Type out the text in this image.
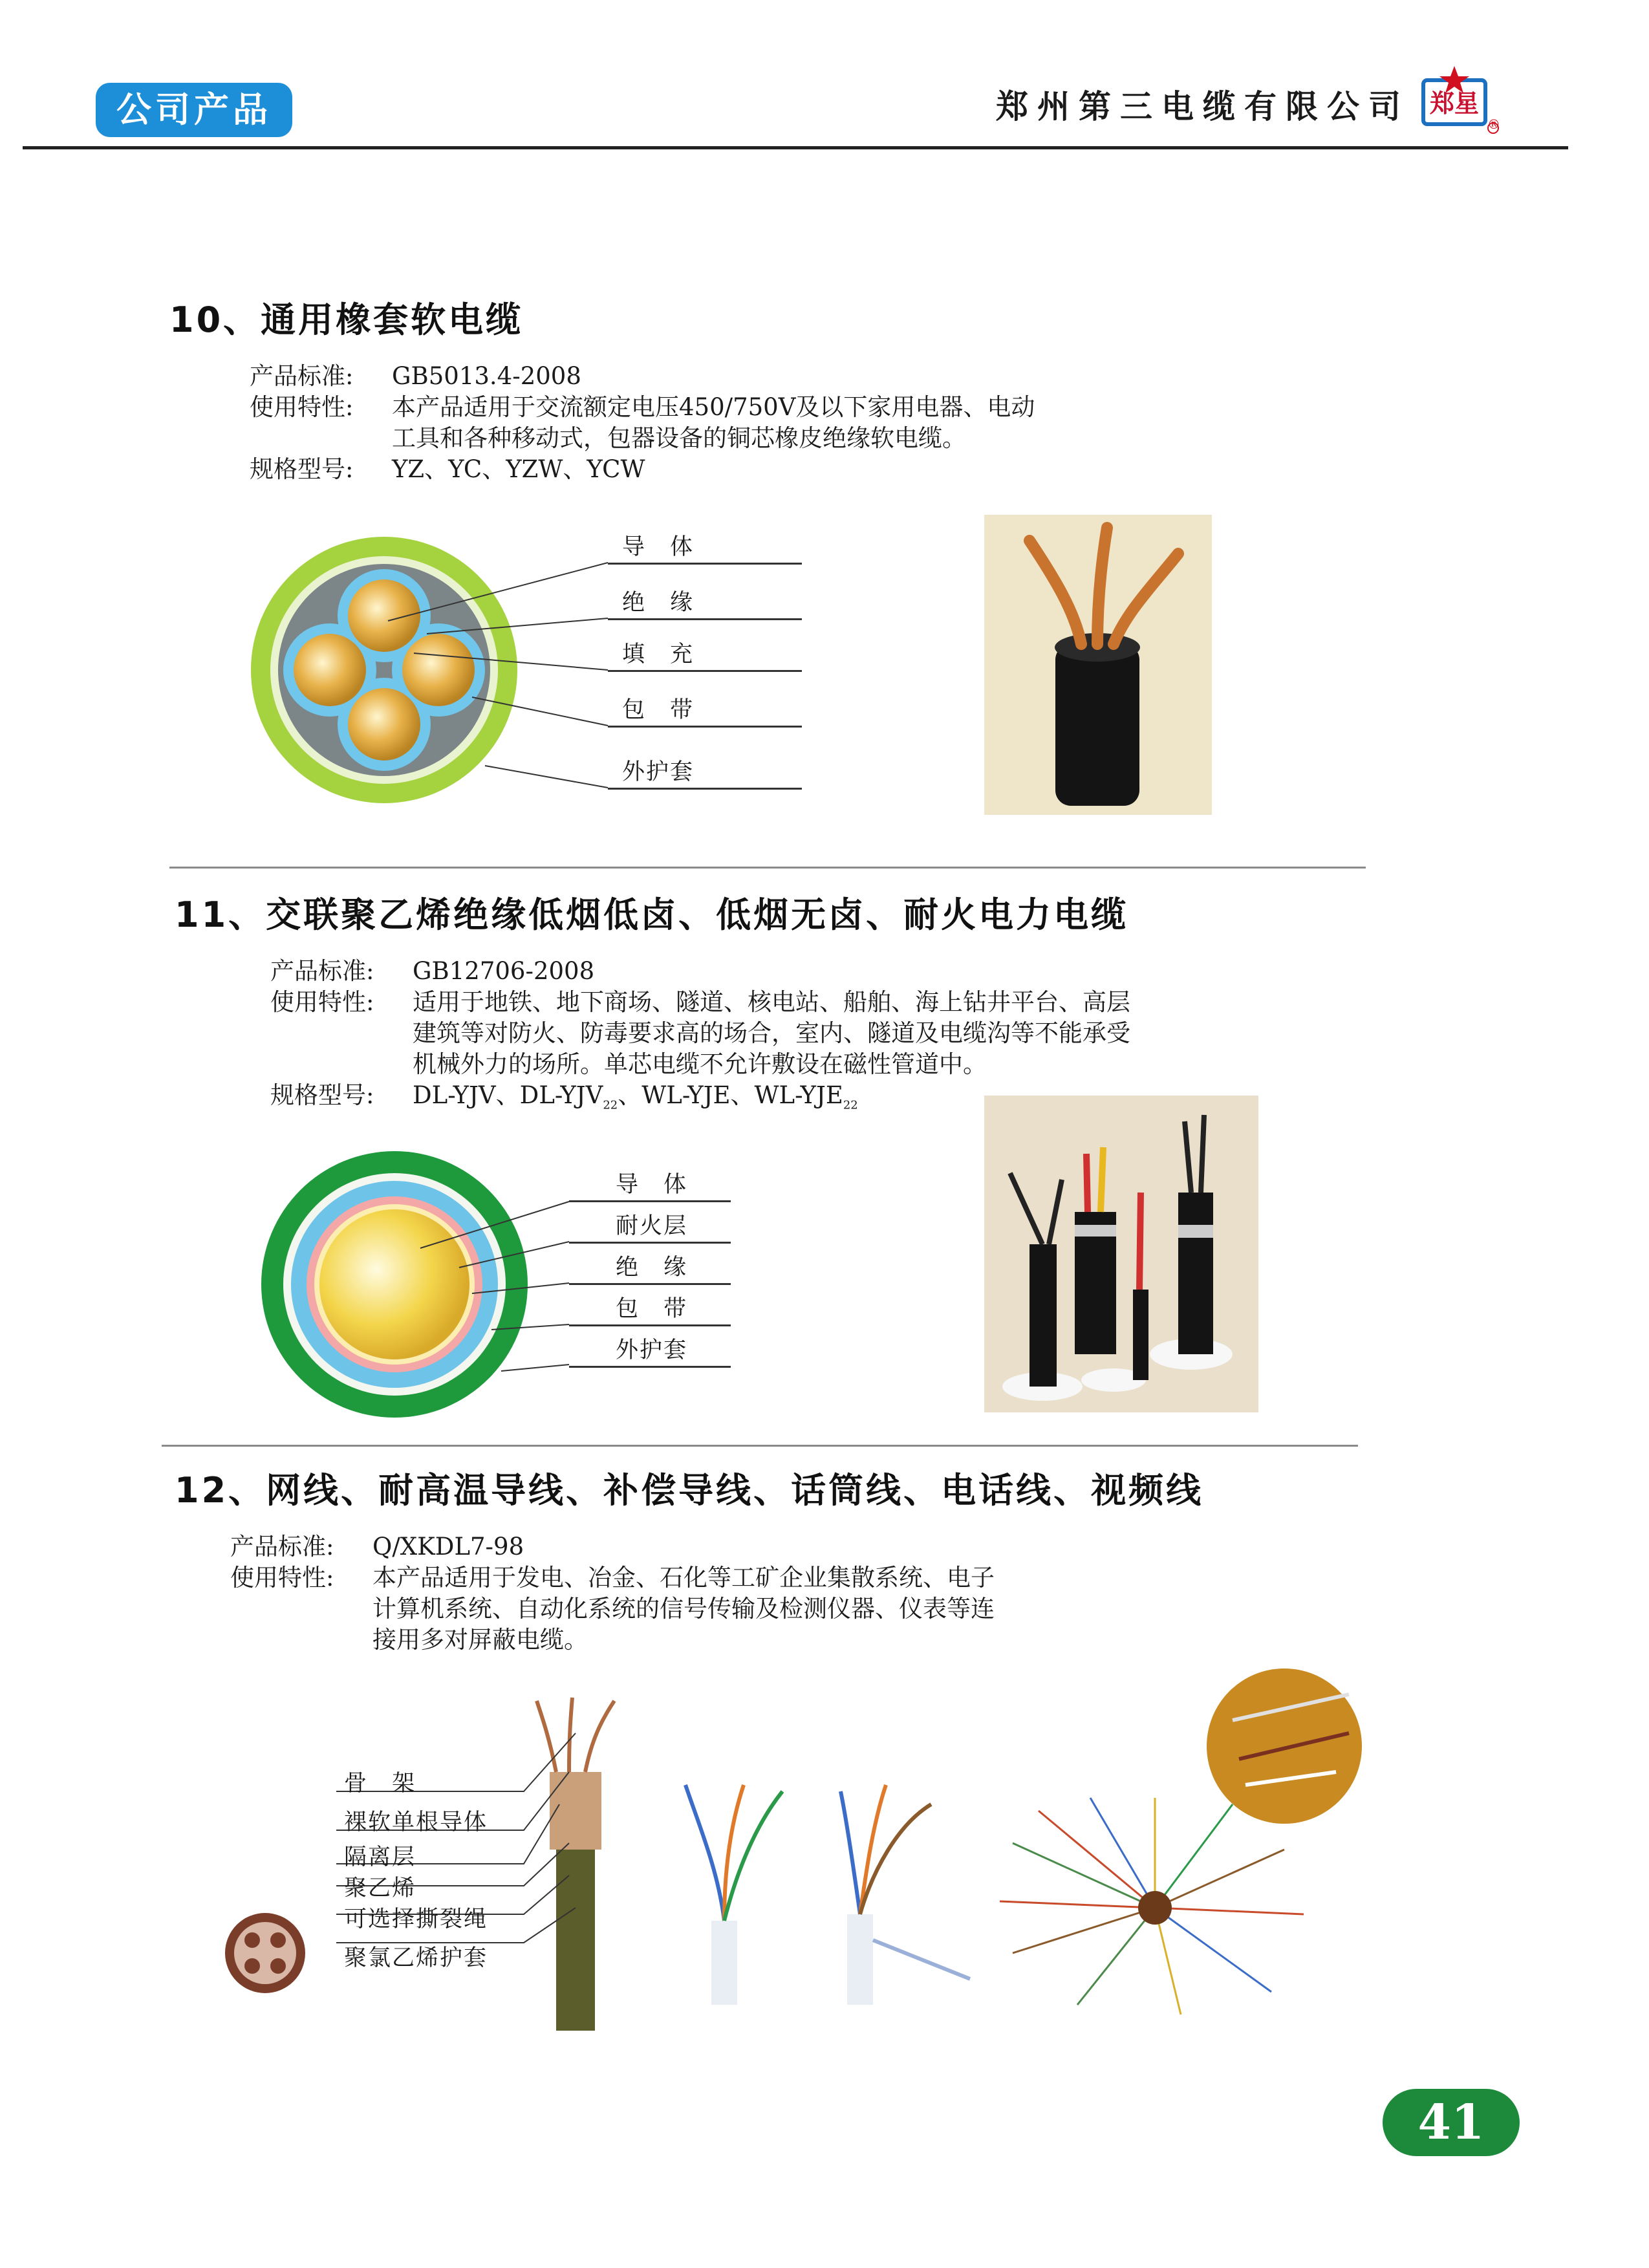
公司产品	郑州第三电缆有限公司 郑星
®
10、通用橡套软电缆
产品标准: GB5013.4-2008
使用特性: 本产品适用于交流额定电压450/750V及以下家用电器、电动
工具和各种移动式，包器设备的铜芯橡皮绝缘软电缆。
规格型号: YZ、YC、YZW、YCW
导　体
绝　缘
填　充
包　带
外护套
11、交联聚乙烯绝缘低烟低卤、低烟无卤、耐火电力电缆
产品标准: GB12706-2008
使用特性: 适用于地铁、地下商场、隧道、核电站、船舶、海上钻井平台、高层
建筑等对防火、防毒要求高的场合，室内、隧道及电缆沟等不能承受
机械外力的场所。单芯电缆不允许敷设在磁性管道中。
规格型号: DL-YJV、$DL-YJV_{22}$、WL-YJE、$WL-YJE_{22}$
导　体
耐火层
绝　缘
包　带
外护套
12、网线、耐高温导线、补偿导线、话筒线、电话线、视频线
产品标准: Q/XKDL7-98
使用特性: 本产品适用于发电、冶金、石化等工矿企业集散系统、电子
计算机系统、自动化系统的信号传输及检测仪器、仪表等连
接用多对屏蔽电缆。
骨　架
裸软单根导体
隔离层
聚乙烯
可选择撕裂绳
聚氯乙烯护套
41
